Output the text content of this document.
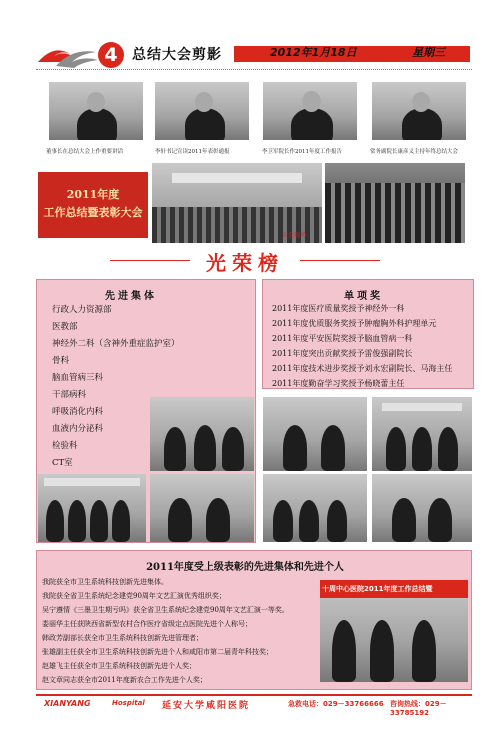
4	总结大会剪影	2012年1月18日	星期三
董事长在总结大会上作重要讲话	李轩书记宣读2011年表彰通报	李卫军院长作2011年度工作报告	常务副院长康彦义主持年终总结大会
2011年度
工作总结暨表彰大会
大会现场
光荣榜
先进集体
行政人力资源部
医教部
神经外二科（含神外重症监护室）
骨科
脑血管病三科
干部病科
呼吸消化内科
血液内分泌科
检验科
CT室
单项奖
2011年度医疗质量奖授予神经外一科
2011年度优质服务奖授予肿瘤胸外科护理单元
2011年度平安医院奖授予脑血管病一科
2011年度突出贡献奖授予雷俊强副院长
2011年度技术进步奖授予刘永宏副院长、马海主任
2011年度勤奋学习奖授予杨晓蕾主任
2011年度受上级表彰的先进集体和先进个人
我院获全市卫生系统科技创新先进集体。
我院获全省卫生系统纪念建党90周年文艺汇演优秀组织奖；
吴宁遵情《三墨卫生期亏吗》获全省卫生系统纪念建党90周年文艺汇演一等奖。
娄丽华主任获陕西省新型农村合作医疗省级定点医院先进个人称号；
韩政芳副部长获全市卫生系统科技创新先进管理者；
张雄副主任获全市卫生系统科技创新先进个人和咸阳市第二届青年科技奖；
赵雄飞主任获全市卫生系统科技创新先进个人奖；
赵文章同志获全市2011年度新农合工作先进个人奖；
十周中心医院2011年度工作总结暨
XIANYANG	Hospital 延安大学咸阳医院	急救电话：029－33766666 咨询热线：029－33785192
